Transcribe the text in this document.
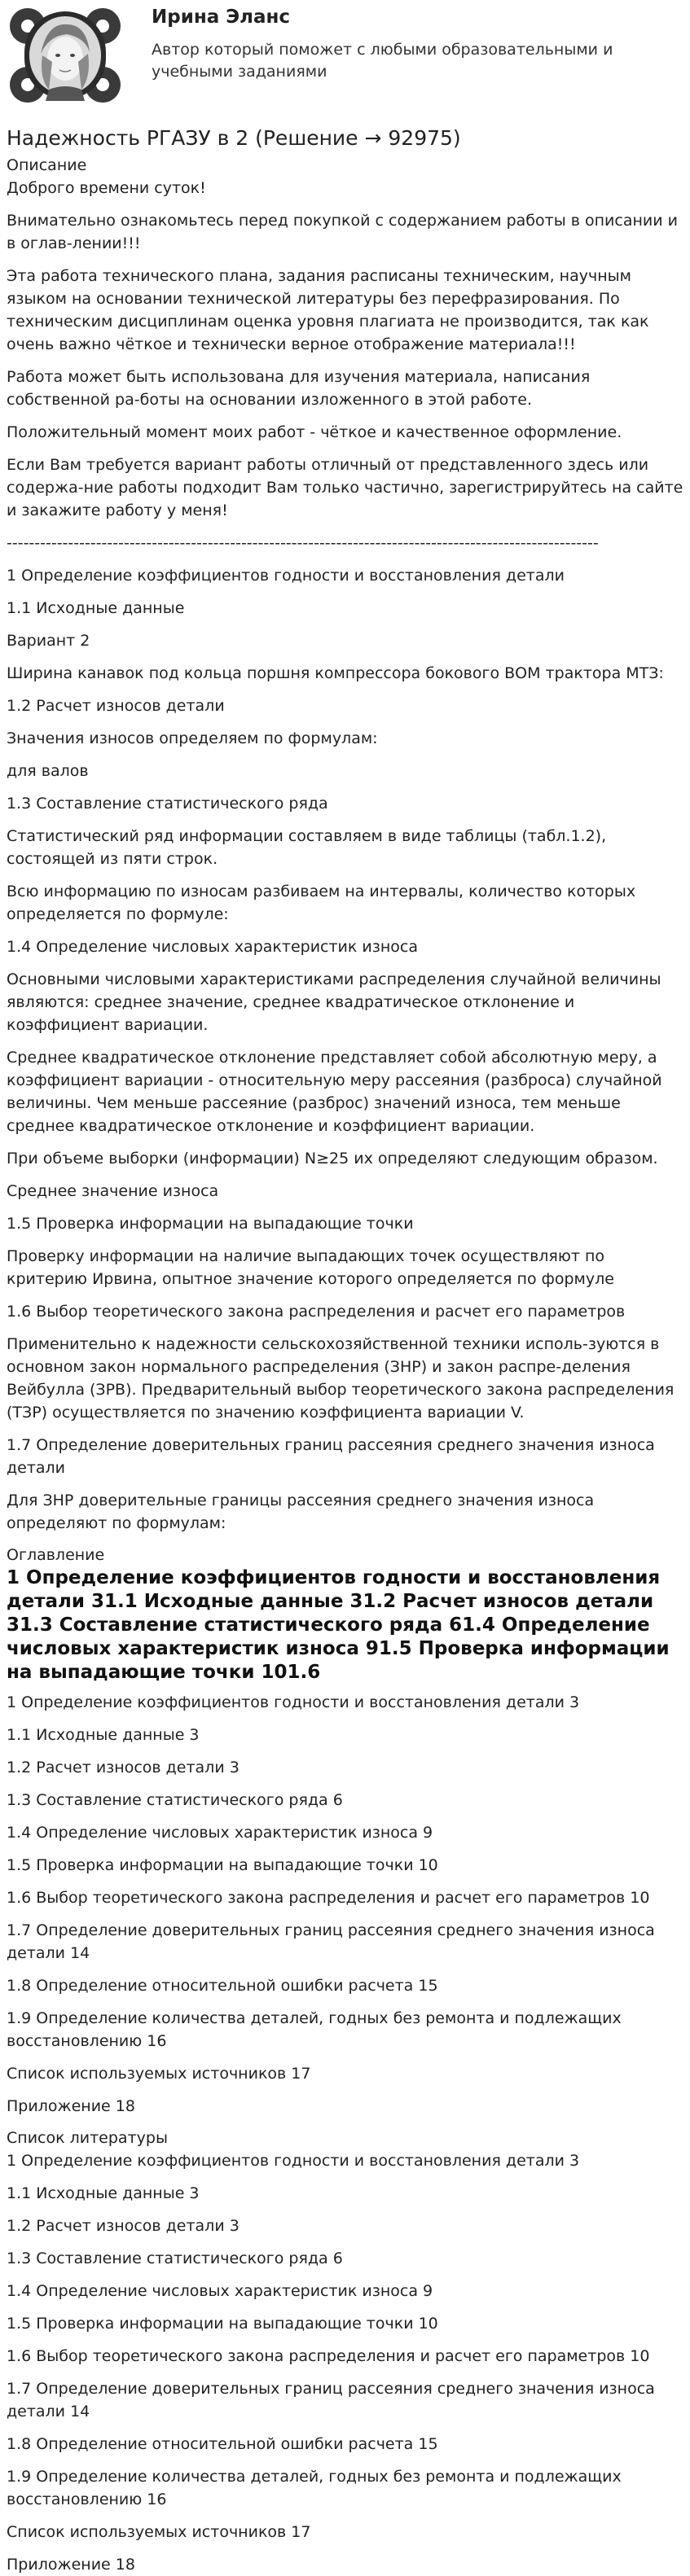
Ирина Эланс
Автор который поможет с любыми образовательными и учебными заданиями
Надежность РГАЗУ в 2 (Решение → 92975)
Описание

Доброго времени суток!

Внимательно ознакомьтесь перед покупкой с содержанием работы в описании и в оглав-лении!!!

Эта работа технического плана, задания расписаны техническим, научным языком на основании технической литературы без перефразирования. По техническим дисциплинам оценка уровня плагиата не производится, так как очень важно чёткое и технически верное отображение материала!!!

Работа может быть использована для изучения материала, написания собственной ра-боты на основании изложенного в этой работе.

Положительный момент моих работ - чёткое и качественное оформление.

Если Вам требуется вариант работы отличный от представленного здесь или содержа-ние работы подходит Вам только частично, зарегистрируйтесь на сайте и закажите работу у меня!

----------------------------------------------------------------------------------------------------------

1 Определение коэффициентов годности и восстановления детали

1.1 Исходные данные

Вариант 2

Ширина канавок под кольца поршня компрессора бокового ВОМ трактора МТЗ:

1.2 Расчет износов детали

Значения износов определяем по формулам:

для валов

1.3 Составление статистического ряда

Статистический ряд информации составляем в виде таблицы (табл.1.2), состоящей из пяти строк.

Всю информацию по износам разбиваем на интервалы, количество которых определяется по формуле:

1.4 Определение числовых характеристик износа

Основными числовыми характеристиками распределения случайной величины являются: среднее значение, среднее квадратическое отклонение и коэффициент вариации.

Среднее квадратическое отклонение представляет собой абсолютную меру, а коэффициент вариации - относительную меру рассеяния (разброса) случайной величины. Чем меньше рассеяние (разброс) значений износа, тем меньше среднее квадратическое отклонение и коэффициент вариации.

При объеме выборки (информации) N≥25 их определяют следующим образом.

Среднее значение износа

1.5 Проверка информации на выпадающие точки

Проверку информации на наличие выпадающих точек осуществляют по критерию Ирвина, опытное значение которого определяется по формуле

1.6 Выбор теоретического закона распределения и расчет его параметров

Применительно к надежности сельскохозяйственной техники исполь-зуются в основном закон нормального распределения (ЗНР) и закон распре-деления Вейбулла (ЗРВ). Предварительный выбор теоретического закона распределения (ТЗР) осуществляется по значению коэффициента вариации V.

1.7 Определение доверительных границ рассеяния среднего значения износа детали

Для ЗНР доверительные границы рассеяния среднего значения износа определяют по формулам:

Оглавление
1 Определение коэффициентов годности и восстановления детали 31.1 Исходные данные 31.2 Расчет износов детали 31.3 Составление статистического ряда 61.4 Определение числовых характеристик износа 91.5 Проверка информации на выпадающие точки 101.6

1 Определение коэффициентов годности и восстановления детали 3

1.1 Исходные данные 3

1.2 Расчет износов детали 3

1.3 Составление статистического ряда 6

1.4 Определение числовых характеристик износа 9

1.5 Проверка информации на выпадающие точки 10

1.6 Выбор теоретического закона распределения и расчет его параметров 10

1.7 Определение доверительных границ рассеяния среднего значения износа детали 14

1.8 Определение относительной ошибки расчета 15

1.9 Определение количества деталей, годных без ремонта и подлежащих восстановлению 16

Список используемых источников 17

Приложение 18

Список литературы

1 Определение коэффициентов годности и восстановления детали 3

1.1 Исходные данные 3

1.2 Расчет износов детали 3

1.3 Составление статистического ряда 6

1.4 Определение числовых характеристик износа 9

1.5 Проверка информации на выпадающие точки 10

1.6 Выбор теоретического закона распределения и расчет его параметров 10

1.7 Определение доверительных границ рассеяния среднего значения износа детали 14

1.8 Определение относительной ошибки расчета 15

1.9 Определение количества деталей, годных без ремонта и подлежащих восстановлению 16

Список используемых источников 17

Приложение 18
